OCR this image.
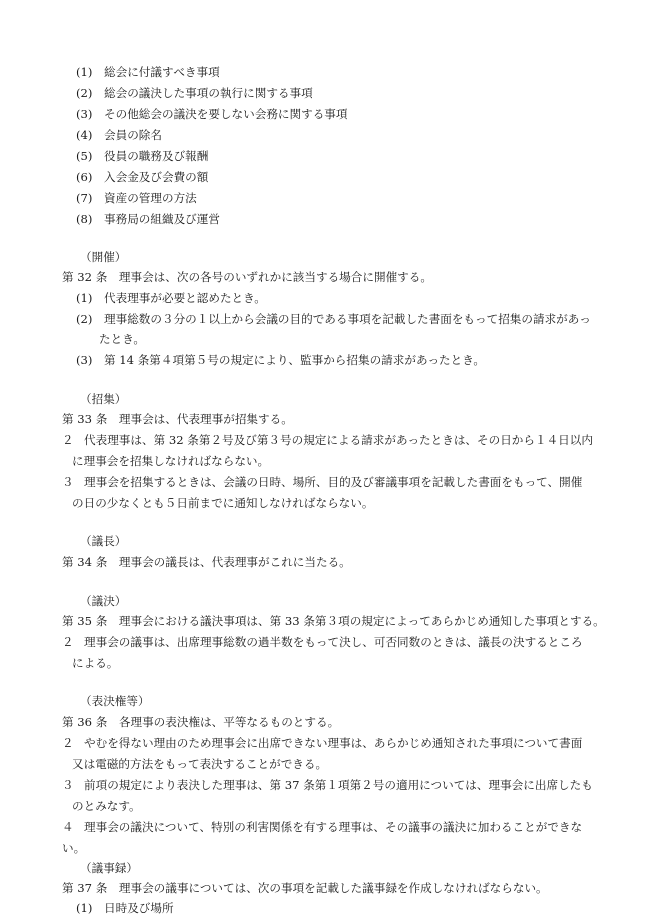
(1) 総会に付議すべき事項
(2) 総会の議決した事項の執行に関する事項
(3) その他総会の議決を要しない会務に関する事項
(4) 会員の除名
(5) 役員の職務及び報酬
(6) 入会金及び会費の額
(7) 資産の管理の方法
(8) 事務局の組織及び運営
（開催）
第 32 条　理事会は、次の各号のいずれかに該当する場合に開催する。
(1) 代表理事が必要と認めたとき。
(2) 理事総数の３分の１以上から会議の目的である事項を記載した書面をもって招集の請求があっ
たとき。
(3) 第 14 条第４項第５号の規定により、監事から招集の請求があったとき。
（招集）
第 33 条　理事会は、代表理事が招集する。
２ 代表理事は、第 32 条第２号及び第３号の規定による請求があったときは、その日から１４日以内
に理事会を招集しなければならない。
３ 理事会を招集するときは、会議の日時、場所、目的及び審議事項を記載した書面をもって、開催
の日の少なくとも５日前までに通知しなければならない。
（議長）
第 34 条　理事会の議長は、代表理事がこれに当たる。
（議決）
第 35 条　理事会における議決事項は、第 33 条第３項の規定によってあらかじめ通知した事項とする。
２ 理事会の議事は、出席理事総数の過半数をもって決し、可否同数のときは、議長の決するところ
による。
（表決権等）
第 36 条　各理事の表決権は、平等なるものとする。
２ やむを得ない理由のため理事会に出席できない理事は、あらかじめ通知された事項について書面
又は電磁的方法をもって表決することができる。
３ 前項の規定により表決した理事は、第 37 条第１項第２号の適用については、理事会に出席したも
のとみなす。
４ 理事会の議決について、特別の利害関係を有する理事は、その議事の議決に加わることができな
い。
（議事録）
第 37 条　理事会の議事については、次の事項を記載した議事録を作成しなければならない。
(1) 日時及び場所
